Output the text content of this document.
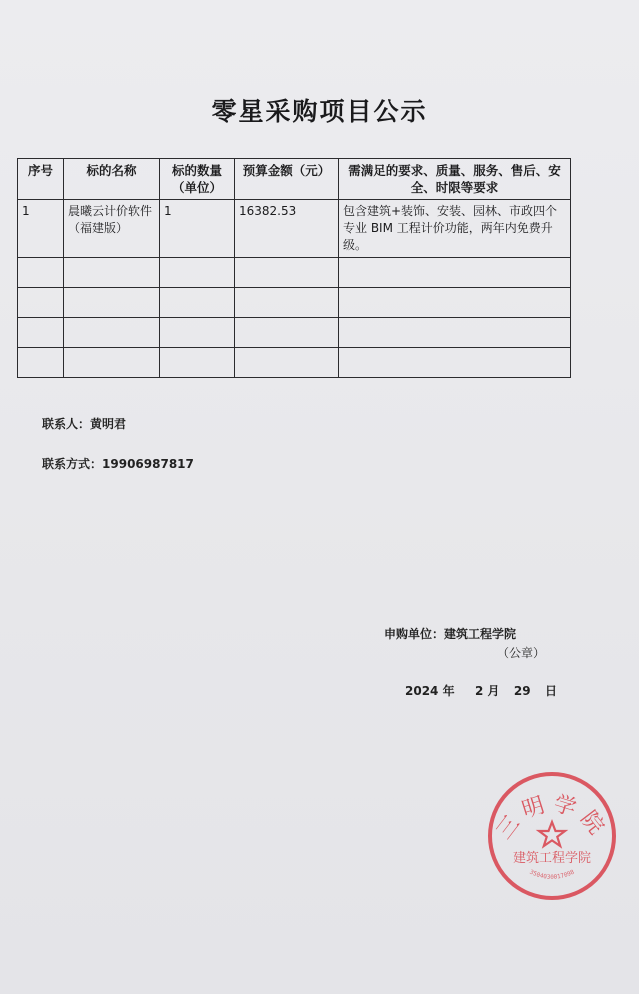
零星采购项目公示
序号	标的名称	标的数量（单位）	预算金额（元）	需满足的要求、质量、服务、售后、安全、时限等要求
1	晨曦云计价软件（福建版）	1	16382.53	包含建筑+装饰、安装、园林、市政四个专业 BIM 工程计价功能，两年内免费升级。

联系人：黄明君
联系方式：19906987817
申购单位：建筑工程学院
（公章）
2024 年 2 月 29 日
三明学院
建筑工程学院
3504030017098
